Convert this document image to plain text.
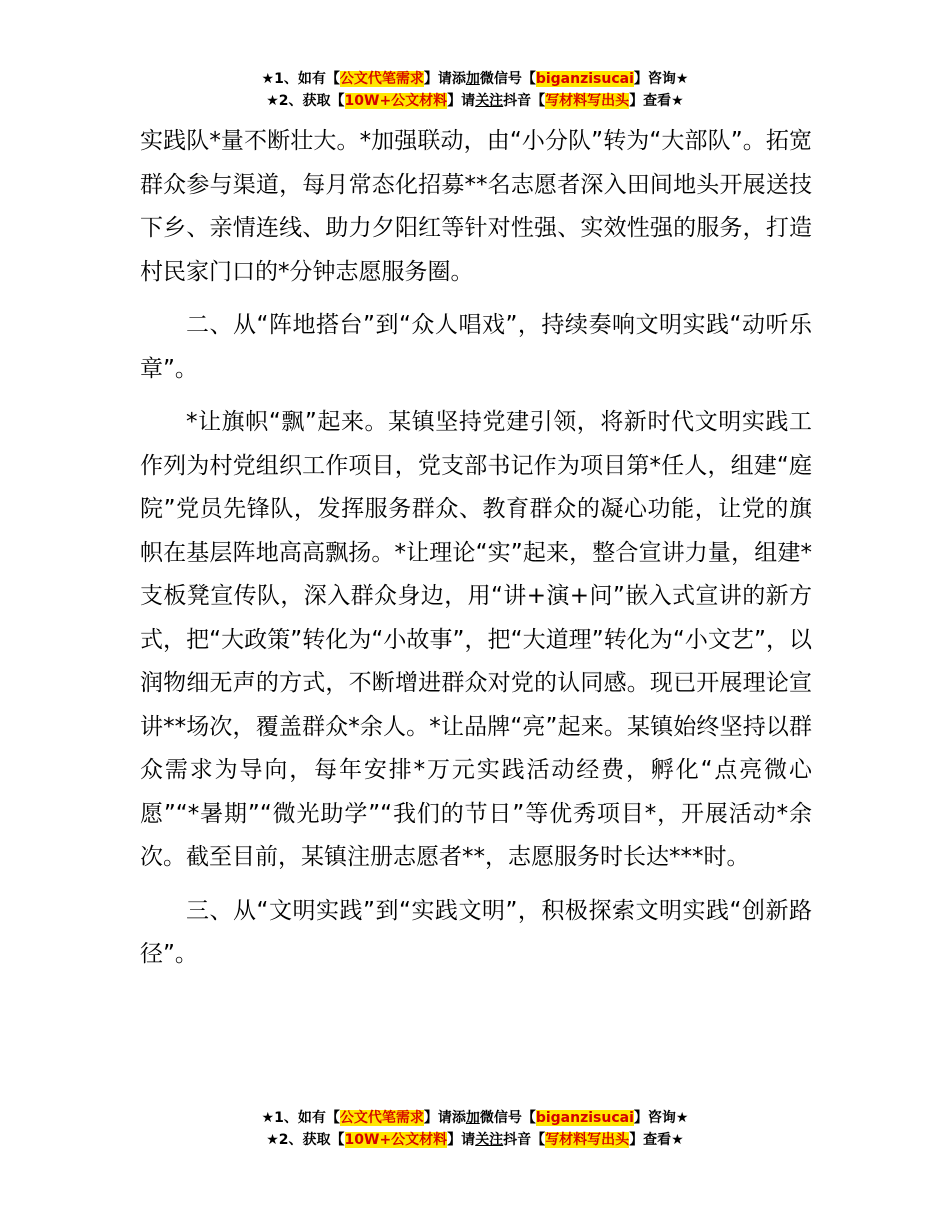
★1、如有【公文代笔需求】请添加微信号【biganzisucai】咨询★
★2、获取【10W+公文材料】请关注抖音【写材料写出头】查看★

实践队*量不断壮大。*加强联动，由“小分队”转为“大部队”。拓宽群众参与渠道，每月常态化招募**名志愿者深入田间地头开展送技下乡、亲情连线、助力夕阳红等针对性强、实效性强的服务，打造村民家门口的*分钟志愿服务圈。

二、从“阵地搭台”到“众人唱戏”，持续奏响文明实践“动听乐章”。

*让旗帜“飘”起来。某镇坚持党建引领，将新时代文明实践工作列为村党组织工作项目，党支部书记作为项目第*任人，组建“庭院”党员先锋队，发挥服务群众、教育群众的凝心功能，让党的旗帜在基层阵地高高飘扬。*让理论“实”起来，整合宣讲力量，组建*支板凳宣传队，深入群众身边，用“讲+演+问”嵌入式宣讲的新方式，把“大政策”转化为“小故事”，把“大道理”转化为“小文艺”，以润物细无声的方式，不断增进群众对党的认同感。现已开展理论宣讲**场次，覆盖群众*余人。*让品牌“亮”起来。某镇始终坚持以群众需求为导向，每年安排*万元实践活动经费，孵化“点亮微心愿”“*暑期”“微光助学”“我们的节日”等优秀项目*，开展活动*余次。截至目前，某镇注册志愿者**，志愿服务时长达***时。

三、从“文明实践”到“实践文明”，积极探索文明实践“创新路径”。

★1、如有【公文代笔需求】请添加微信号【biganzisucai】咨询★
★2、获取【10W+公文材料】请关注抖音【写材料写出头】查看★
